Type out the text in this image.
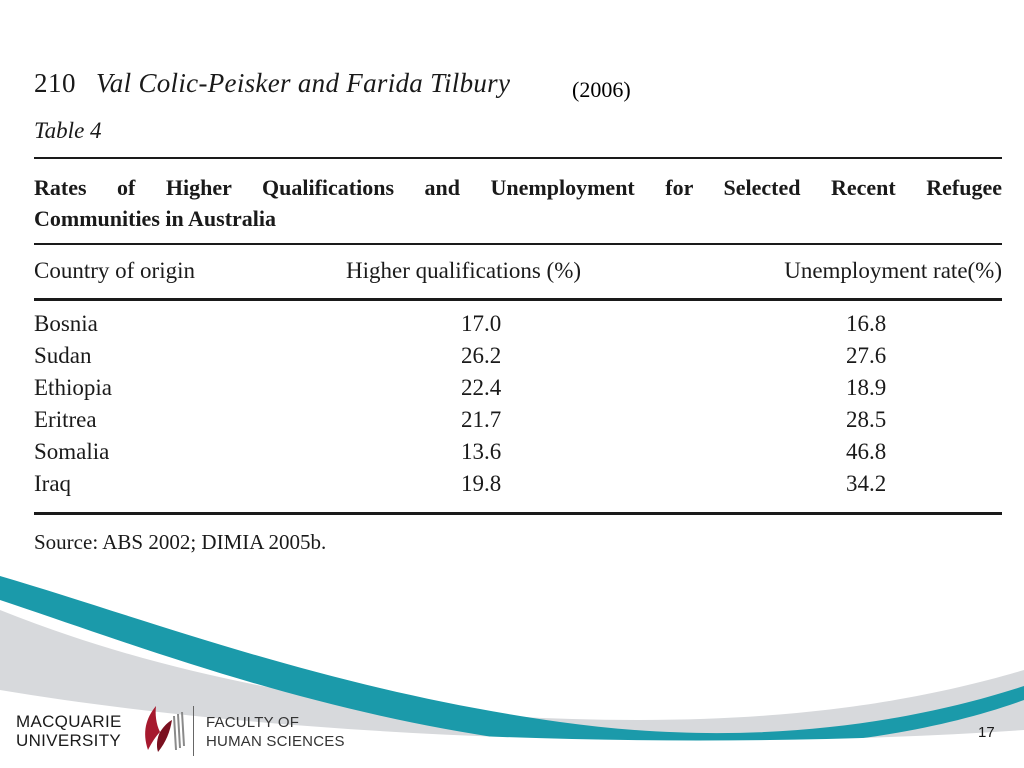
210 Val Colic-Peisker and Farida Tilbury	(2006)
Table 4
Rates of Higher Qualifications and Unemployment for Selected Recent Refugee
Communities in Australia
Country of origin	Higher qualifications (%)	Unemployment rate(%)
Bosnia	17.0	16.8
Sudan	26.2	27.6
Ethiopia	22.4	18.9
Eritrea	21.7	28.5
Somalia	13.6	46.8
Iraq	19.8	34.2
Source: ABS 2002; DIMIA 2005b.
MACQUARIE
UNIVERSITY
FACULTY OF
HUMAN SCIENCES
17
